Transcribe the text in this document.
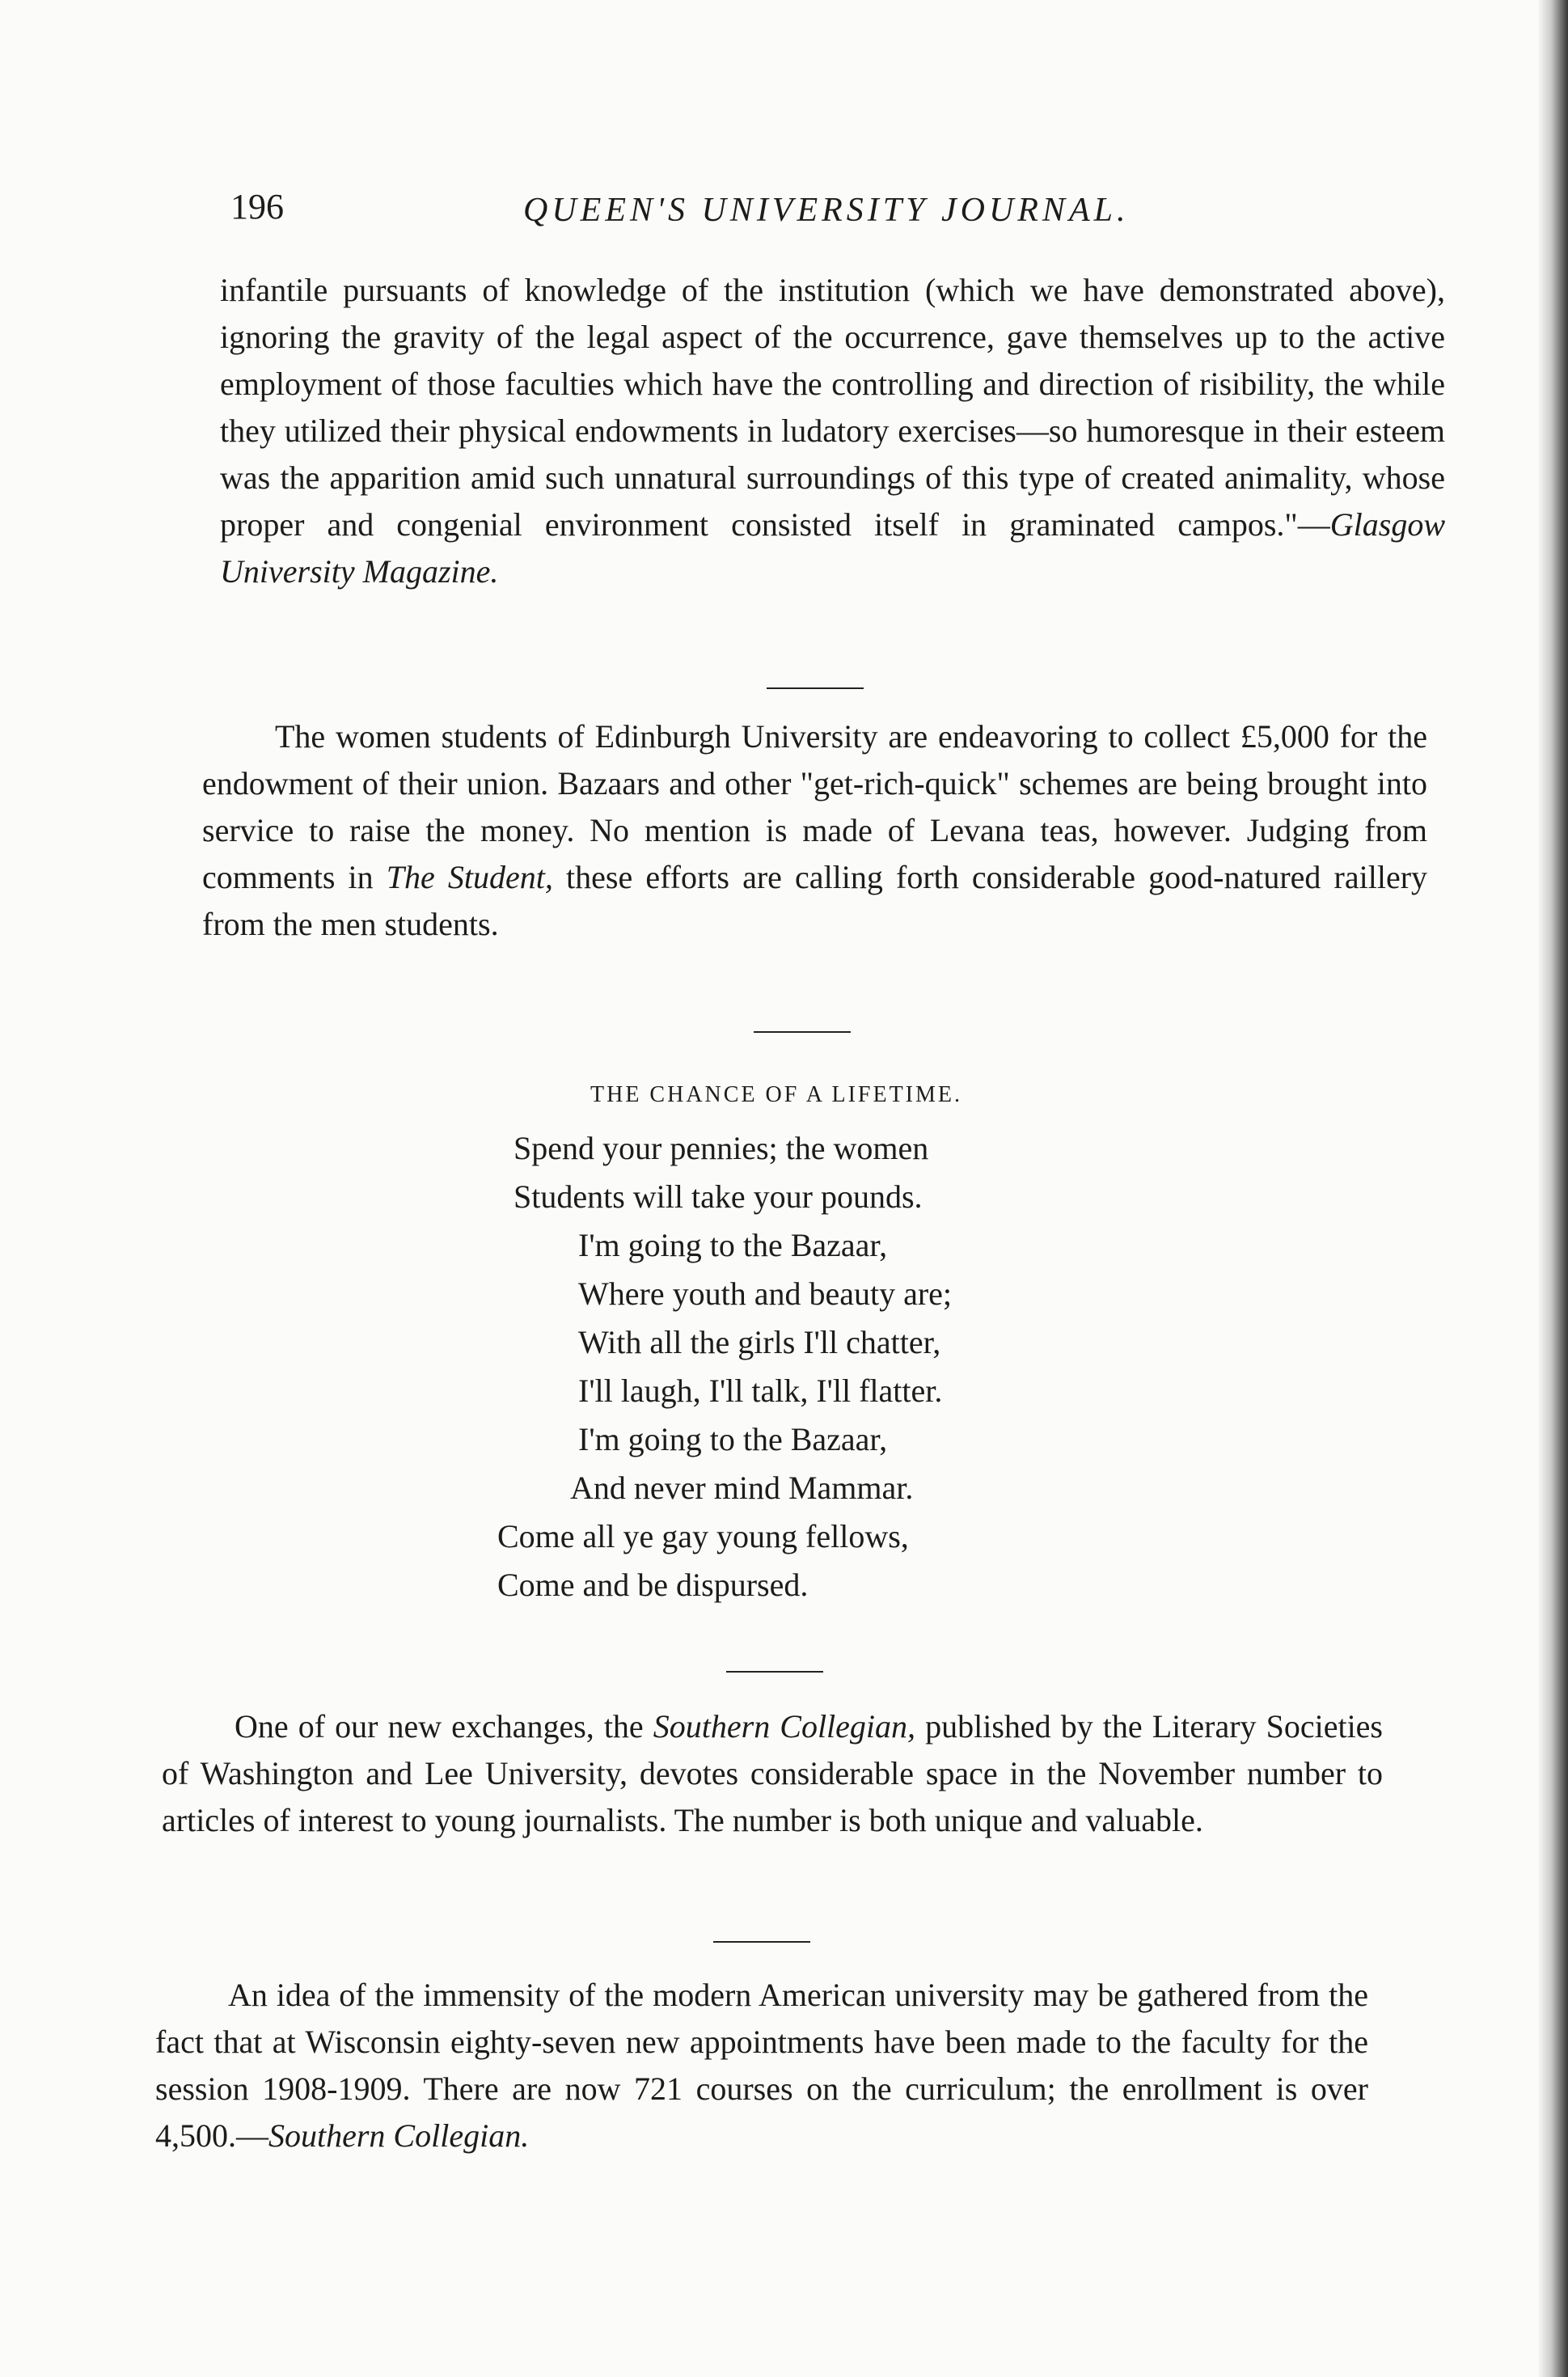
196	QUEEN'S UNIVERSITY JOURNAL.

infantile pursuants of knowledge of the institution (which we have demonstrated above), ignoring the gravity of the legal aspect of the occurrence, gave themselves up to the active employment of those faculties which have the controlling and direction of risibility, the while they utilized their physical endowments in ludatory exercises—so humoresque in their esteem was the apparition amid such unnatural surroundings of this type of created animality, whose proper and congenial environment consisted itself in graminated campos."—Glasgow University Magazine.

The women students of Edinburgh University are endeavoring to collect £5,000 for the endowment of their union. Bazaars and other "get-rich-quick" schemes are being brought into service to raise the money. No mention is made of Levana teas, however. Judging from comments in The Student, these efforts are calling forth considerable good-natured raillery from the men students.

THE CHANCE OF A LIFETIME.
Spend your pennies; the women
Students will take your pounds.
I'm going to the Bazaar,
Where youth and beauty are;
With all the girls I'll chatter,
I'll laugh, I'll talk, I'll flatter.
I'm going to the Bazaar,
And never mind Mammar.
Come all ye gay young fellows,
Come and be dispursed.

One of our new exchanges, the Southern Collegian, published by the Literary Societies of Washington and Lee University, devotes considerable space in the November number to articles of interest to young journalists. The number is both unique and valuable.

An idea of the immensity of the modern American university may be gathered from the fact that at Wisconsin eighty-seven new appointments have been made to the faculty for the session 1908-1909. There are now 721 courses on the curriculum; the enrollment is over 4,500.—Southern Collegian.
